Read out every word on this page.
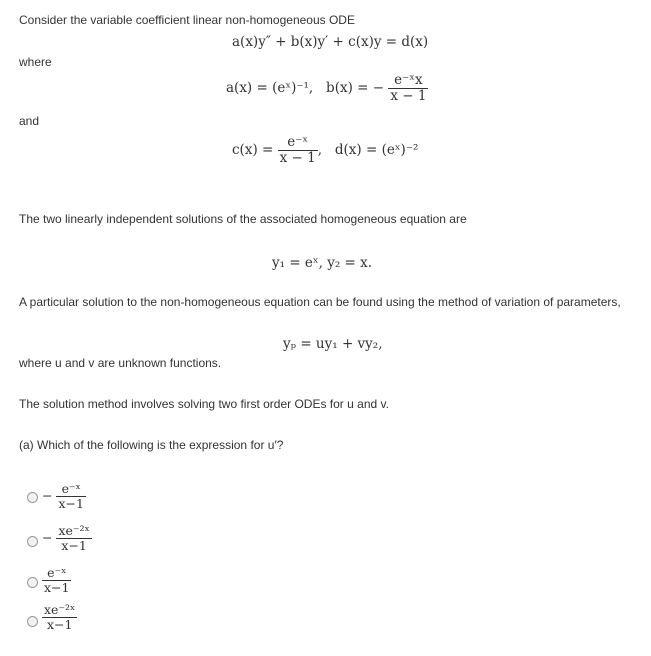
Consider the variable coefficient linear non-homogeneous ODE
a(x)y″ + b(x)y′ + c(x)y = d(x)
where
a(x) = (eˣ)⁻¹, b(x) = − $\frac{\text{e⁻ˣx}}{x - 1}$
and
$c(x) = \frac{\text{e⁻ˣ}}{x - 1}$ , d(x) = (eˣ)⁻²
The two linearly independent solutions of the associated homogeneous equation are
y₁ = eˣ, y₂ = x.
A particular solution to the non-homogeneous equation can be found using the method of variation of parameters,
yₚ = uy₁ + vy₂,
where u and v are unknown functions.
The solution method involves solving two first order ODEs for u and v.
(a) Which of the following is the expression for u′?
− $\frac{\text{e⁻ˣ}}{x-1}$
− $\frac{\text{xe⁻²ˣ}}{x-1}$
$\frac{\text{e⁻ˣ}}{x-1}$
$\frac{\text{xe⁻²ˣ}}{x-1}$
